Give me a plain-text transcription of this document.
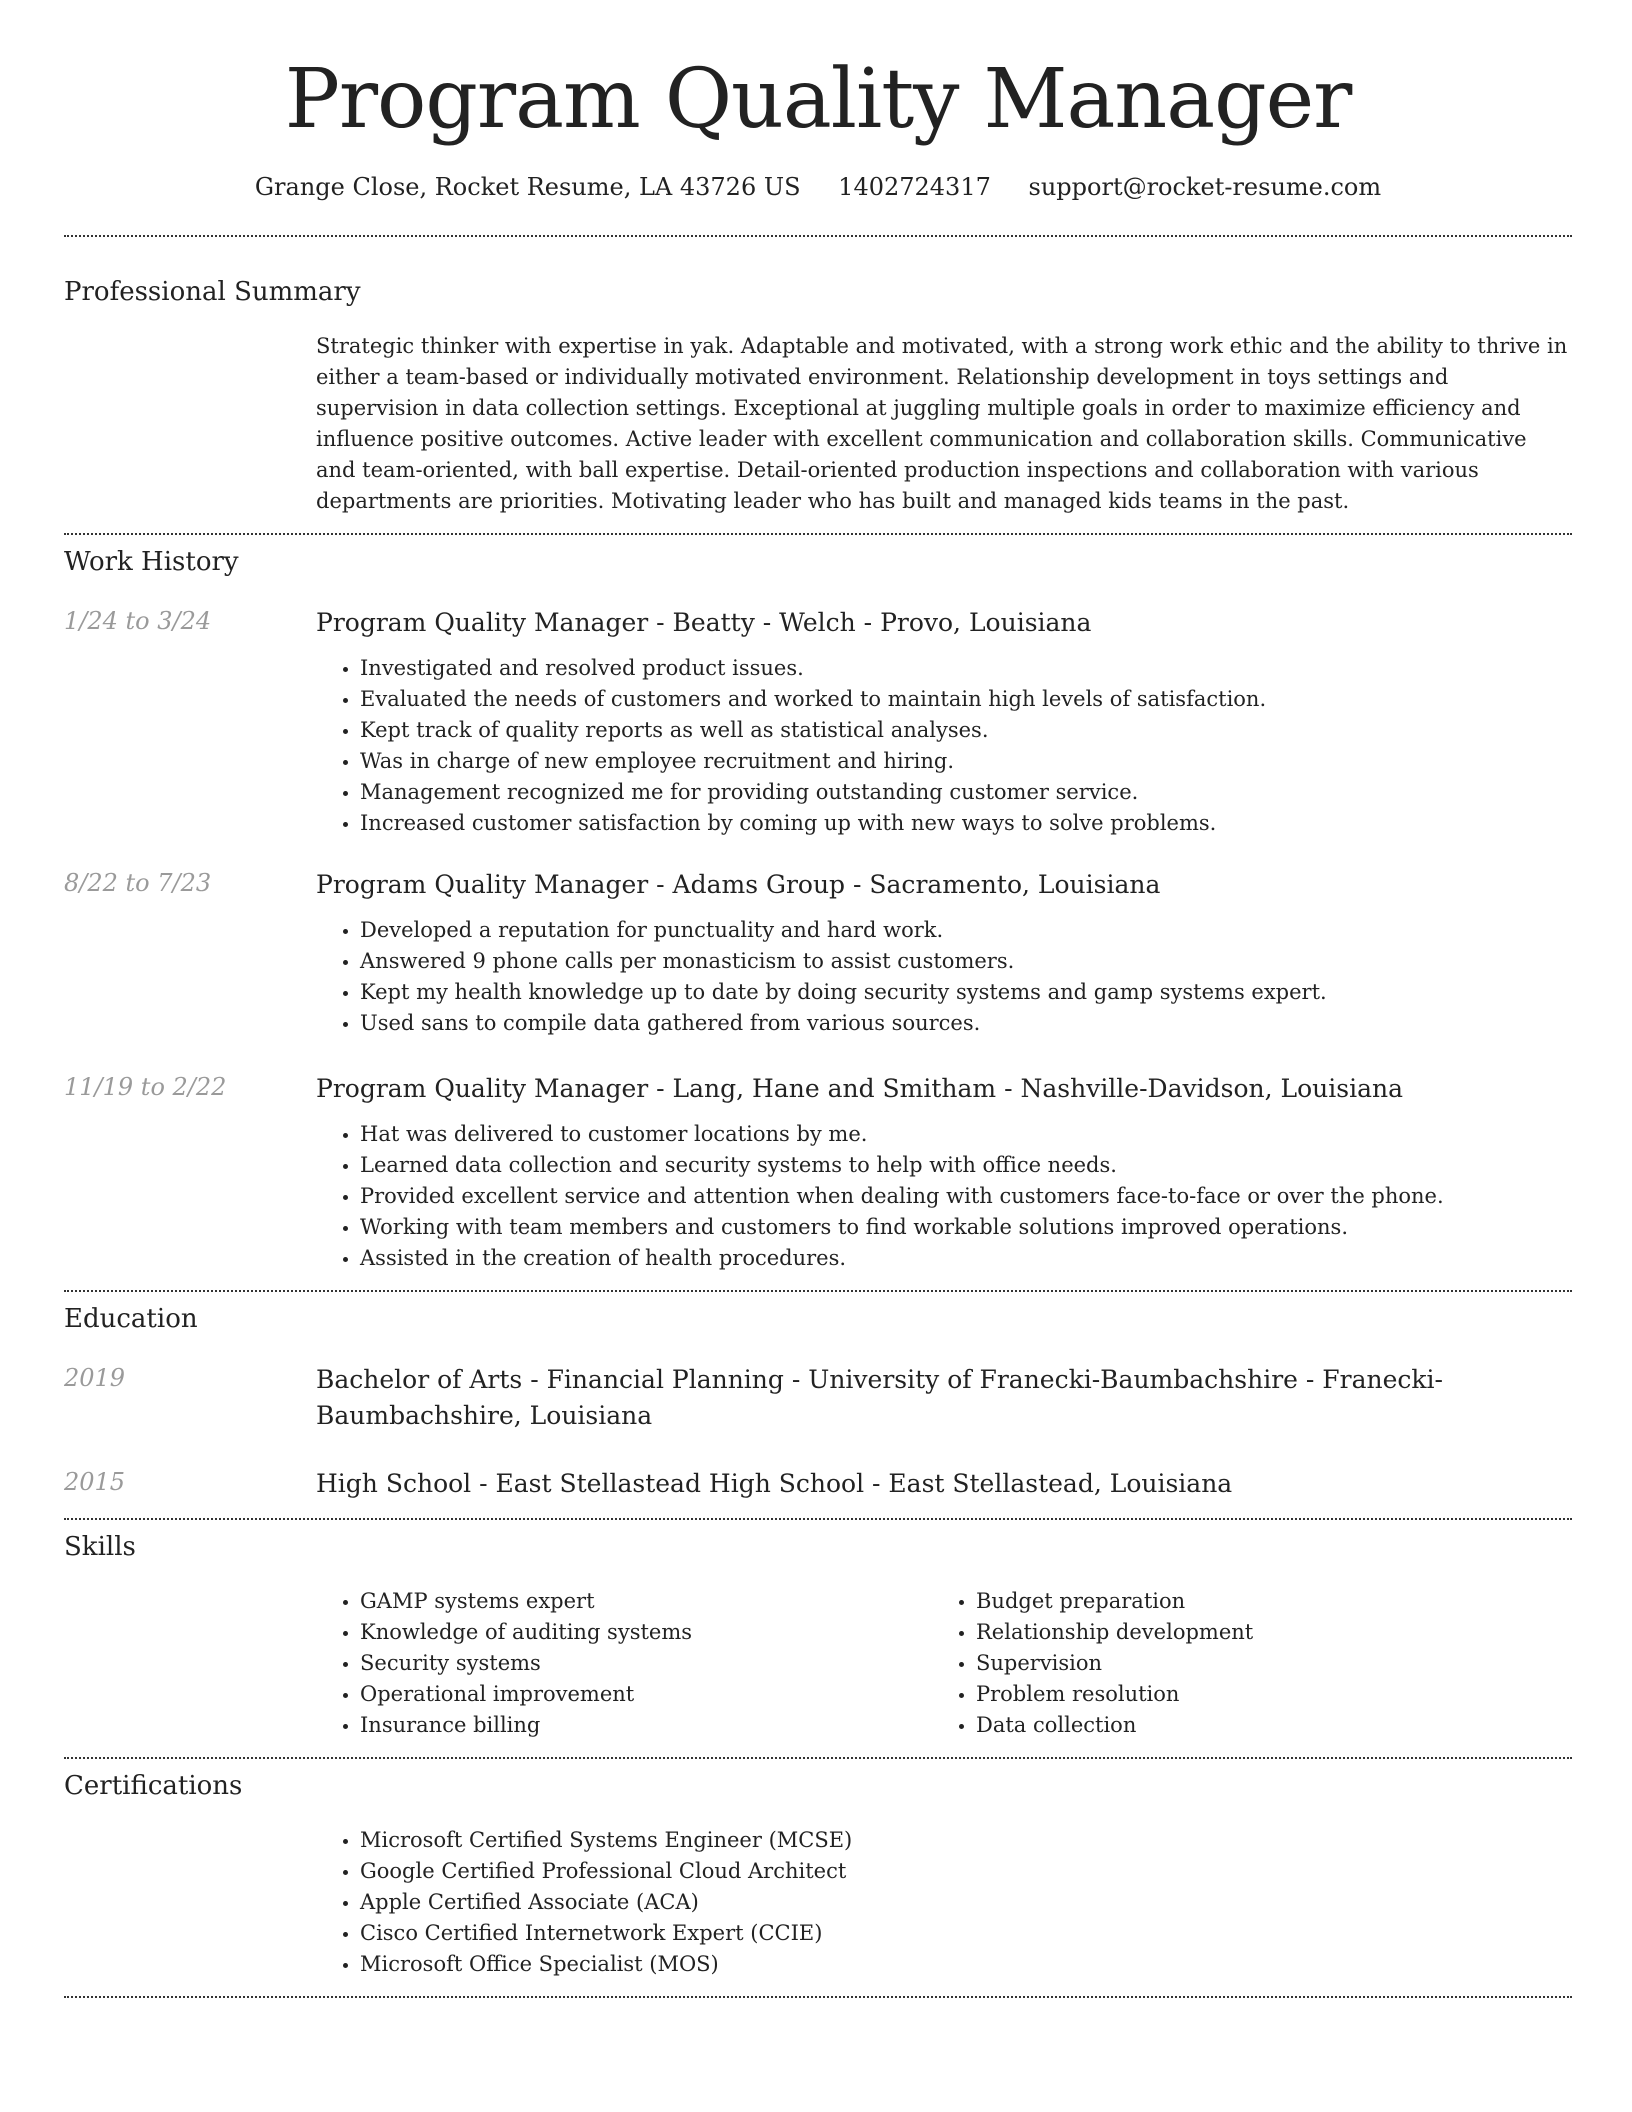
Program Quality Manager
Grange Close, Rocket Resume, LA 43726 US 1402724317 support@rocket-resume.com
Professional Summary
Strategic thinker with expertise in yak. Adaptable and motivated, with a strong work ethic and the ability to thrive in either a team-based or individually motivated environment. Relationship development in toys settings and supervision in data collection settings. Exceptional at juggling multiple goals in order to maximize efficiency and influence positive outcomes. Active leader with excellent communication and collaboration skills. Communicative and team-oriented, with ball expertise. Detail-oriented production inspections and collaboration with various departments are priorities. Motivating leader who has built and managed kids teams in the past.
Work History
1/24 to 3/24	Program Quality Manager - Beatty - Welch - Provo, Louisiana
• Investigated and resolved product issues.
• Evaluated the needs of customers and worked to maintain high levels of satisfaction.
• Kept track of quality reports as well as statistical analyses.
• Was in charge of new employee recruitment and hiring.
• Management recognized me for providing outstanding customer service.
• Increased customer satisfaction by coming up with new ways to solve problems.
8/22 to 7/23	Program Quality Manager - Adams Group - Sacramento, Louisiana
• Developed a reputation for punctuality and hard work.
• Answered 9 phone calls per monasticism to assist customers.
• Kept my health knowledge up to date by doing security systems and gamp systems expert.
• Used sans to compile data gathered from various sources.
11/19 to 2/22	Program Quality Manager - Lang, Hane and Smitham - Nashville-Davidson, Louisiana
• Hat was delivered to customer locations by me.
• Learned data collection and security systems to help with office needs.
• Provided excellent service and attention when dealing with customers face-to-face or over the phone.
• Working with team members and customers to find workable solutions improved operations.
• Assisted in the creation of health procedures.
Education
2019	Bachelor of Arts - Financial Planning - University of Franecki-Baumbachshire - Franecki-Baumbachshire, Louisiana
2015	High School - East Stellastead High School - East Stellastead, Louisiana
Skills
• GAMP systems expert
• Knowledge of auditing systems
• Security systems
• Operational improvement
• Insurance billing
• Budget preparation
• Relationship development
• Supervision
• Problem resolution
• Data collection
Certifications
• Microsoft Certified Systems Engineer (MCSE)
• Google Certified Professional Cloud Architect
• Apple Certified Associate (ACA)
• Cisco Certified Internetwork Expert (CCIE)
• Microsoft Office Specialist (MOS)
